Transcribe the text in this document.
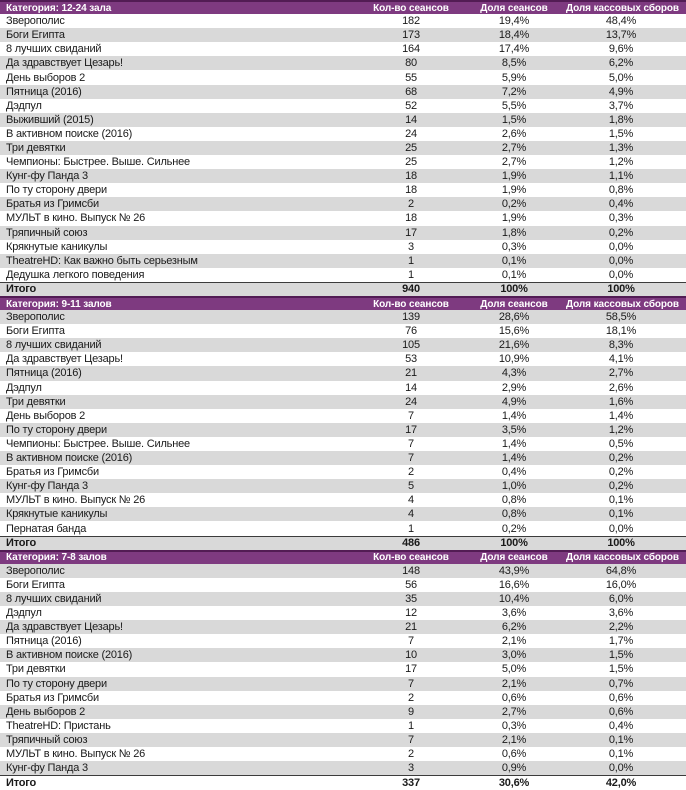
Категория: 12-24 зала	Кол-во сеансов	Доля сеансов	Доля кассовых сборов
Зверополис	182	19,4%	48,4%
Боги Египта	173	18,4%	13,7%
8 лучших свиданий	164	17,4%	9,6%
Да здравствует Цезарь!	80	8,5%	6,2%
День выборов 2	55	5,9%	5,0%
Пятница (2016)	68	7,2%	4,9%
Дэдпул	52	5,5%	3,7%
Выживший (2015)	14	1,5%	1,8%
В активном поиске (2016)	24	2,6%	1,5%
Три девятки	25	2,7%	1,3%
Чемпионы: Быстрее. Выше. Сильнее	25	2,7%	1,2%
Кунг-фу Панда 3	18	1,9%	1,1%
По ту сторону двери	18	1,9%	0,8%
Братья из Гримсби	2	0,2%	0,4%
МУЛЬТ в кино. Выпуск № 26	18	1,9%	0,3%
Тряпичный союз	17	1,8%	0,2%
Крякнутые каникулы	3	0,3%	0,0%
TheatreHD: Как важно быть серьезным	1	0,1%	0,0%
Дедушка легкого поведения	1	0,1%	0,0%
Итого	940	100%	100%
Категория: 9-11 залов	Кол-во сеансов	Доля сеансов	Доля кассовых сборов
Зверополис	139	28,6%	58,5%
Боги Египта	76	15,6%	18,1%
8 лучших свиданий	105	21,6%	8,3%
Да здравствует Цезарь!	53	10,9%	4,1%
Пятница (2016)	21	4,3%	2,7%
Дэдпул	14	2,9%	2,6%
Три девятки	24	4,9%	1,6%
День выборов 2	7	1,4%	1,4%
По ту сторону двери	17	3,5%	1,2%
Чемпионы: Быстрее. Выше. Сильнее	7	1,4%	0,5%
В активном поиске (2016)	7	1,4%	0,2%
Братья из Гримсби	2	0,4%	0,2%
Кунг-фу Панда 3	5	1,0%	0,2%
МУЛЬТ в кино. Выпуск № 26	4	0,8%	0,1%
Крякнутые каникулы	4	0,8%	0,1%
Пернатая банда	1	0,2%	0,0%
Итого	486	100%	100%
Категория: 7-8 залов	Кол-во сеансов	Доля сеансов	Доля кассовых сборов
Зверополис	148	43,9%	64,8%
Боги Египта	56	16,6%	16,0%
8 лучших свиданий	35	10,4%	6,0%
Дэдпул	12	3,6%	3,6%
Да здравствует Цезарь!	21	6,2%	2,2%
Пятница (2016)	7	2,1%	1,7%
В активном поиске (2016)	10	3,0%	1,5%
Три девятки	17	5,0%	1,5%
По ту сторону двери	7	2,1%	0,7%
Братья из Гримсби	2	0,6%	0,6%
День выборов 2	9	2,7%	0,6%
TheatreHD: Пристань	1	0,3%	0,4%
Тряпичный союз	7	2,1%	0,1%
МУЛЬТ в кино. Выпуск № 26	2	0,6%	0,1%
Кунг-фу Панда 3	3	0,9%	0,0%
Итого	337	30,6%	42,0%
